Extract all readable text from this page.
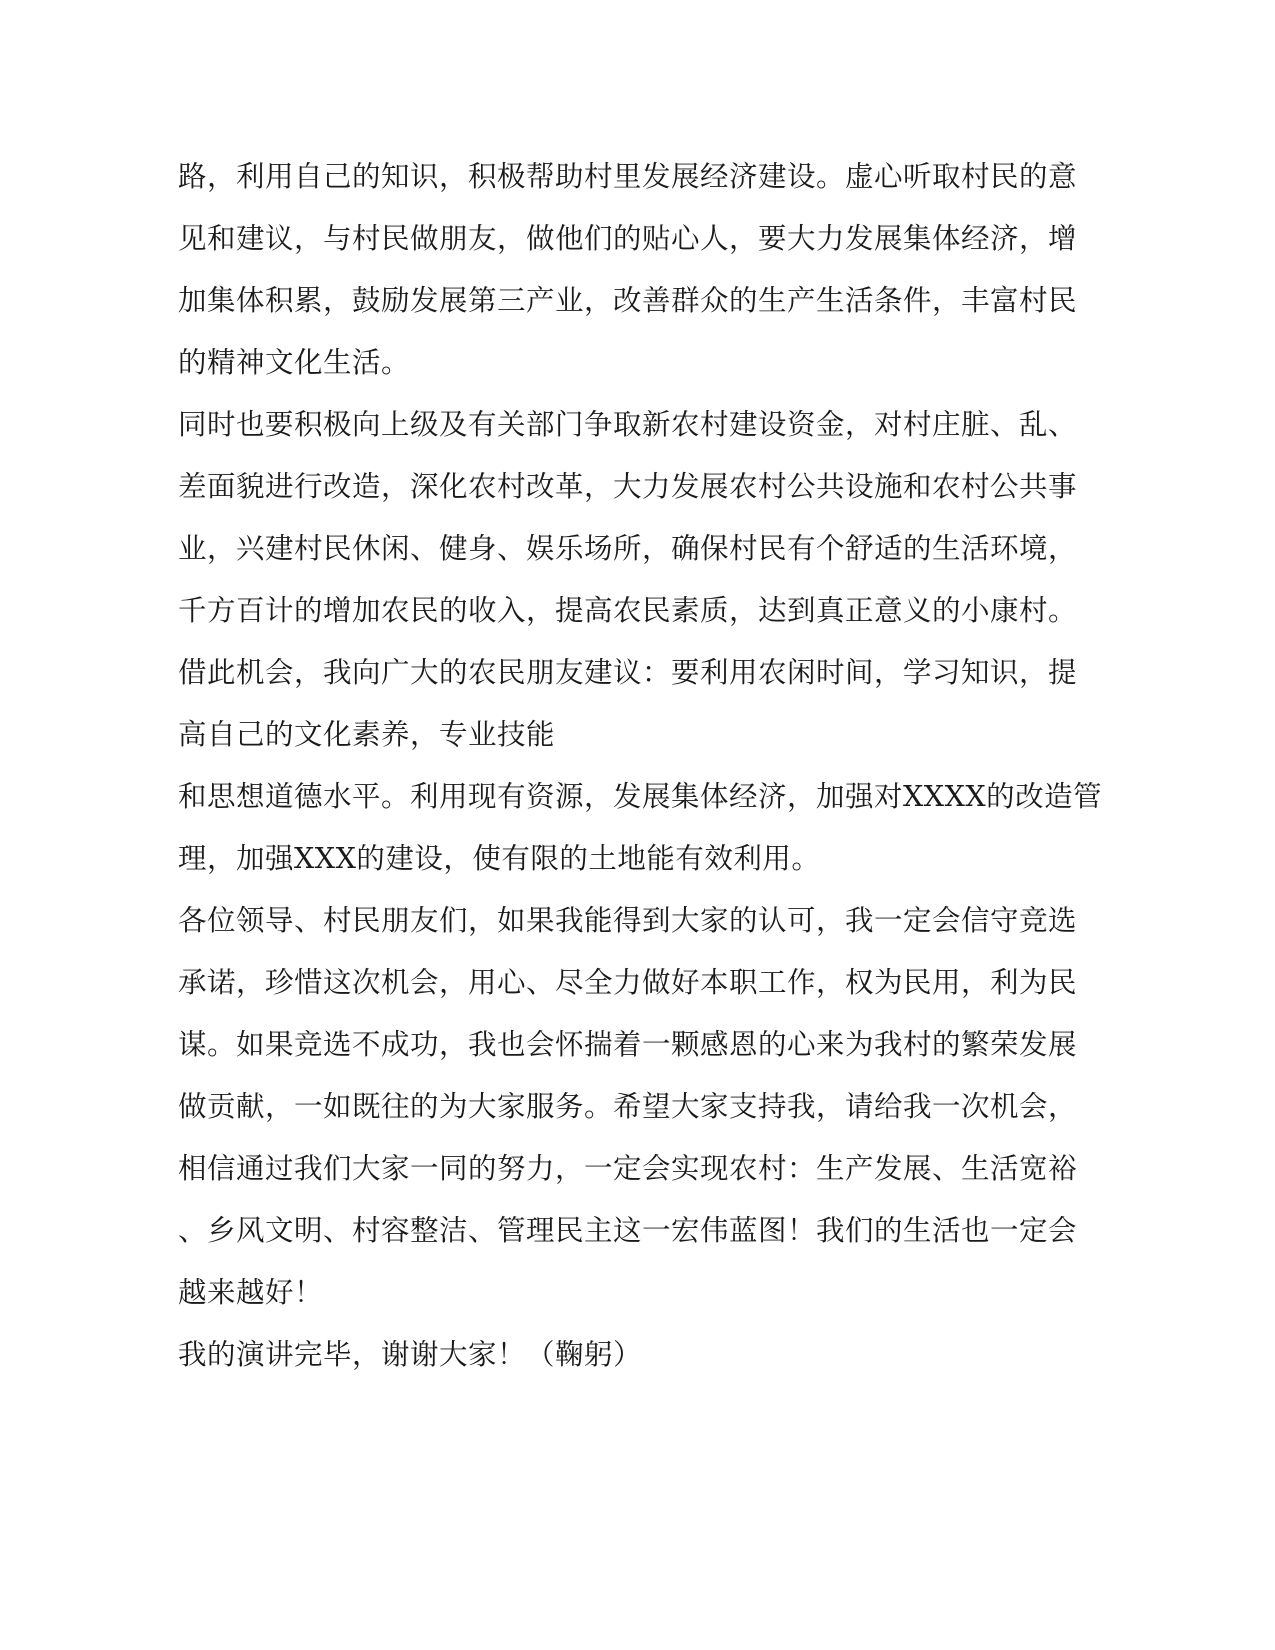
路，利用自己的知识，积极帮助村里发展经济建设。虚心听取村民的意
见和建议，与村民做朋友，做他们的贴心人，要大力发展集体经济，增
加集体积累，鼓励发展第三产业，改善群众的生产生活条件，丰富村民
的精神文化生活。
同时也要积极向上级及有关部门争取新农村建设资金，对村庄脏、乱、
差面貌进行改造，深化农村改革，大力发展农村公共设施和农村公共事
业，兴建村民休闲、健身、娱乐场所，确保村民有个舒适的生活环境，
千方百计的增加农民的收入，提高农民素质，达到真正意义的小康村。
借此机会，我向广大的农民朋友建议：要利用农闲时间，学习知识，提
高自己的文化素养，专业技能
和思想道德水平。利用现有资源，发展集体经济，加强对XXXX的改造管
理，加强XXX的建设，使有限的土地能有效利用。
各位领导、村民朋友们，如果我能得到大家的认可，我一定会信守竞选
承诺，珍惜这次机会，用心、尽全力做好本职工作，权为民用，利为民
谋。如果竞选不成功，我也会怀揣着一颗感恩的心来为我村的繁荣发展
做贡献，一如既往的为大家服务。希望大家支持我，请给我一次机会，
相信通过我们大家一同的努力，一定会实现农村：生产发展、生活宽裕
、乡风文明、村容整洁、管理民主这一宏伟蓝图！我们的生活也一定会
越来越好！
我的演讲完毕，谢谢大家！（鞠躬）
